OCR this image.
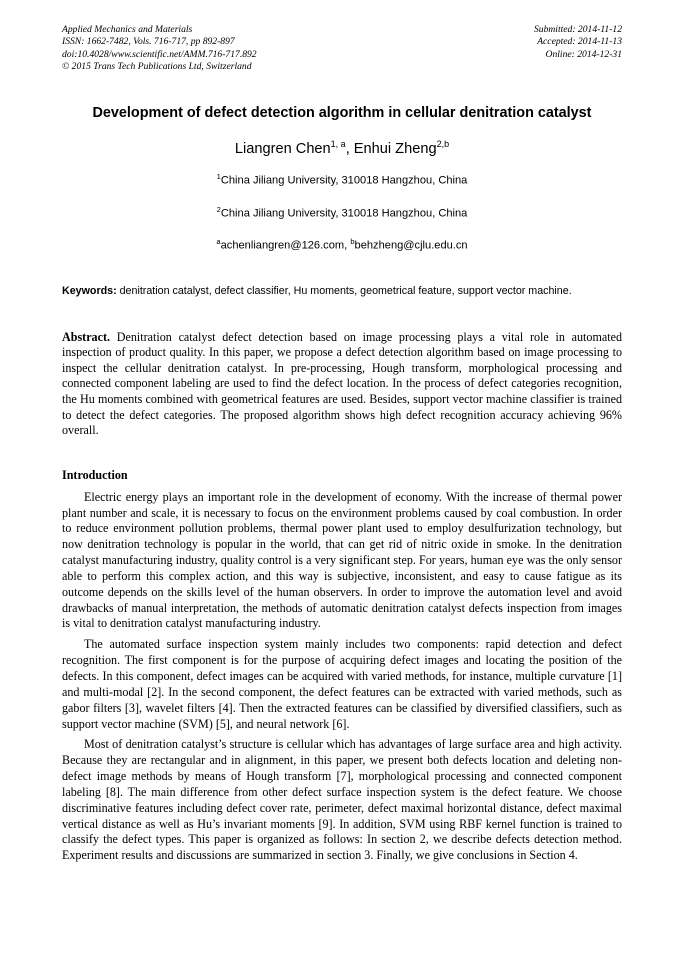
Applied Mechanics and Materials
ISSN: 1662-7482, Vols. 716-717, pp 892-897
doi:10.4028/www.scientific.net/AMM.716-717.892
© 2015 Trans Tech Publications Ltd, Switzerland
Submitted: 2014-11-12
Accepted: 2014-11-13
Online: 2014-12-31
Development of defect detection algorithm in cellular denitration catalyst
Liangren Chen$^{1, a}$, Enhui Zheng$^{2,b}$
$^1$China Jiliang University, 310018 Hangzhou, China
$^2$China Jiliang University, 310018 Hangzhou, China
$^a$achenliangren@126.com, $^b$behzheng@cjlu.edu.cn
Keywords: denitration catalyst, defect classifier, Hu moments, geometrical feature, support vector machine.
Abstract. Denitration catalyst defect detection based on image processing plays a vital role in automated inspection of product quality. In this paper, we propose a defect detection algorithm based on image processing to inspect the cellular denitration catalyst. In pre-processing, Hough transform, morphological processing and connected component labeling are used to find the defect location. In the process of defect categories recognition, the Hu moments combined with geometrical features are used. Besides, support vector machine classifier is trained to detect the defect categories. The proposed algorithm shows high defect recognition accuracy achieving 96% overall.
Introduction
Electric energy plays an important role in the development of economy. With the increase of thermal power plant number and scale, it is necessary to focus on the environment problems caused by coal combustion. In order to reduce environment pollution problems, thermal power plant used to employ desulfurization technology, but now denitration technology is popular in the world, that can get rid of nitric oxide in smoke. In the denitration catalyst manufacturing industry, quality control is a very significant step. For years, human eye was the only sensor able to perform this complex action, and this way is subjective, inconsistent, and easy to cause fatigue as its outcome depends on the skills level of the human observers. In order to improve the automation level and avoid drawbacks of manual interpretation, the methods of automatic denitration catalyst defects inspection from images is vital to denitration catalyst manufacturing industry.
The automated surface inspection system mainly includes two components: rapid detection and defect recognition. The first component is for the purpose of acquiring defect images and locating the position of the defects. In this component, defect images can be acquired with varied methods, for instance, multiple curvature [1] and multi-modal [2]. In the second component, the defect features can be extracted with varied methods, such as gabor filters [3], wavelet filters [4]. Then the extracted features can be classified by diversified classifiers, such as support vector machine (SVM) [5], and neural network [6].
Most of denitration catalyst’s structure is cellular which has advantages of large surface area and high activity. Because they are rectangular and in alignment, in this paper, we present both defects location and deleting non-defect image methods by means of Hough transform [7], morphological processing and connected component labeling [8]. The main difference from other defect surface inspection system is the defect feature. We choose discriminative features including defect cover rate, perimeter, defect maximal horizontal distance, defect maximal vertical distance as well as Hu’s invariant moments [9]. In addition, SVM using RBF kernel function is trained to classify the defect types. This paper is organized as follows: In section 2, we describe defects detection method. Experiment results and discussions are summarized in section 3. Finally, we give conclusions in Section 4.
